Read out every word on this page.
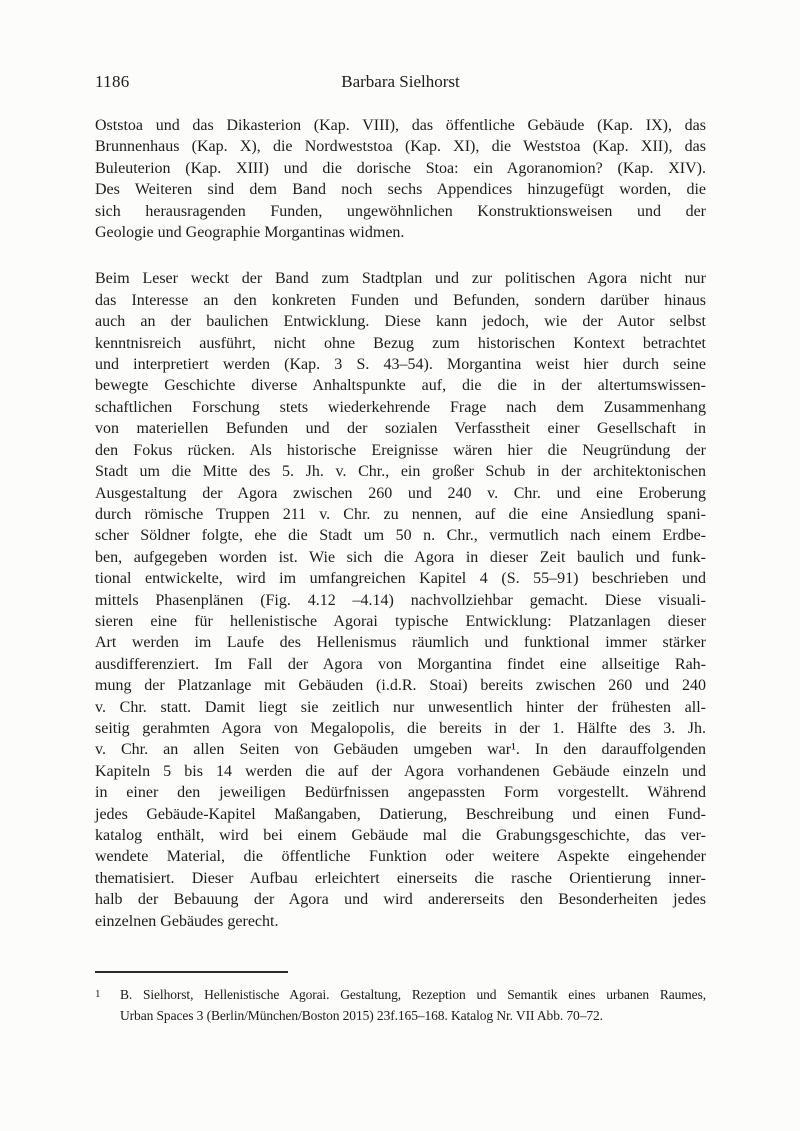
1186	Barbara Sielhorst
Oststoa und das Dikasterion (Kap. VIII), das öffentliche Gebäude (Kap. IX), das
Brunnenhaus (Kap. X), die Nordweststoa (Kap. XI), die Weststoa (Kap. XII), das
Buleuterion (Kap. XIII) und die dorische Stoa: ein Agoranomion? (Kap. XIV).
Des Weiteren sind dem Band noch sechs Appendices hinzugefügt worden, die
sich herausragenden Funden, ungewöhnlichen Konstruktionsweisen und der
Geologie und Geographie Morgantinas widmen.
Beim Leser weckt der Band zum Stadtplan und zur politischen Agora nicht nur
das Interesse an den konkreten Funden und Befunden, sondern darüber hinaus
auch an der baulichen Entwicklung. Diese kann jedoch, wie der Autor selbst
kenntnisreich ausführt, nicht ohne Bezug zum historischen Kontext betrachtet
und interpretiert werden (Kap. 3 S. 43–54). Morgantina weist hier durch seine
bewegte Geschichte diverse Anhaltspunkte auf, die die in der altertumswissen-
schaftlichen Forschung stets wiederkehrende Frage nach dem Zusammenhang
von materiellen Befunden und der sozialen Verfasstheit einer Gesellschaft in
den Fokus rücken. Als historische Ereignisse wären hier die Neugründung der
Stadt um die Mitte des 5. Jh. v. Chr., ein großer Schub in der architektonischen
Ausgestaltung der Agora zwischen 260 und 240 v. Chr. und eine Eroberung
durch römische Truppen 211 v. Chr. zu nennen, auf die eine Ansiedlung spani-
scher Söldner folgte, ehe die Stadt um 50 n. Chr., vermutlich nach einem Erdbe-
ben, aufgegeben worden ist. Wie sich die Agora in dieser Zeit baulich und funk-
tional entwickelte, wird im umfangreichen Kapitel 4 (S. 55–91) beschrieben und
mittels Phasenplänen (Fig. 4.12 –4.14) nachvollziehbar gemacht. Diese visuali-
sieren eine für hellenistische Agorai typische Entwicklung: Platzanlagen dieser
Art werden im Laufe des Hellenismus räumlich und funktional immer stärker
ausdifferenziert. Im Fall der Agora von Morgantina findet eine allseitige Rah-
mung der Platzanlage mit Gebäuden (i.d.R. Stoai) bereits zwischen 260 und 240
v. Chr. statt. Damit liegt sie zeitlich nur unwesentlich hinter der frühesten all-
seitig gerahmten Agora von Megalopolis, die bereits in der 1. Hälfte des 3. Jh.
v. Chr. an allen Seiten von Gebäuden umgeben war¹. In den darauffolgenden
Kapiteln 5 bis 14 werden die auf der Agora vorhandenen Gebäude einzeln und
in einer den jeweiligen Bedürfnissen angepassten Form vorgestellt. Während
jedes Gebäude-Kapitel Maßangaben, Datierung, Beschreibung und einen Fund-
katalog enthält, wird bei einem Gebäude mal die Grabungsgeschichte, das ver-
wendete Material, die öffentliche Funktion oder weitere Aspekte eingehender
thematisiert. Dieser Aufbau erleichtert einerseits die rasche Orientierung inner-
halb der Bebauung der Agora und wird andererseits den Besonderheiten jedes
einzelnen Gebäudes gerecht.
1	B. Sielhorst, Hellenistische Agorai. Gestaltung, Rezeption und Semantik eines urbanen Raumes,
Urban Spaces 3 (Berlin/München/Boston 2015) 23f.165–168. Katalog Nr. VII Abb. 70–72.
